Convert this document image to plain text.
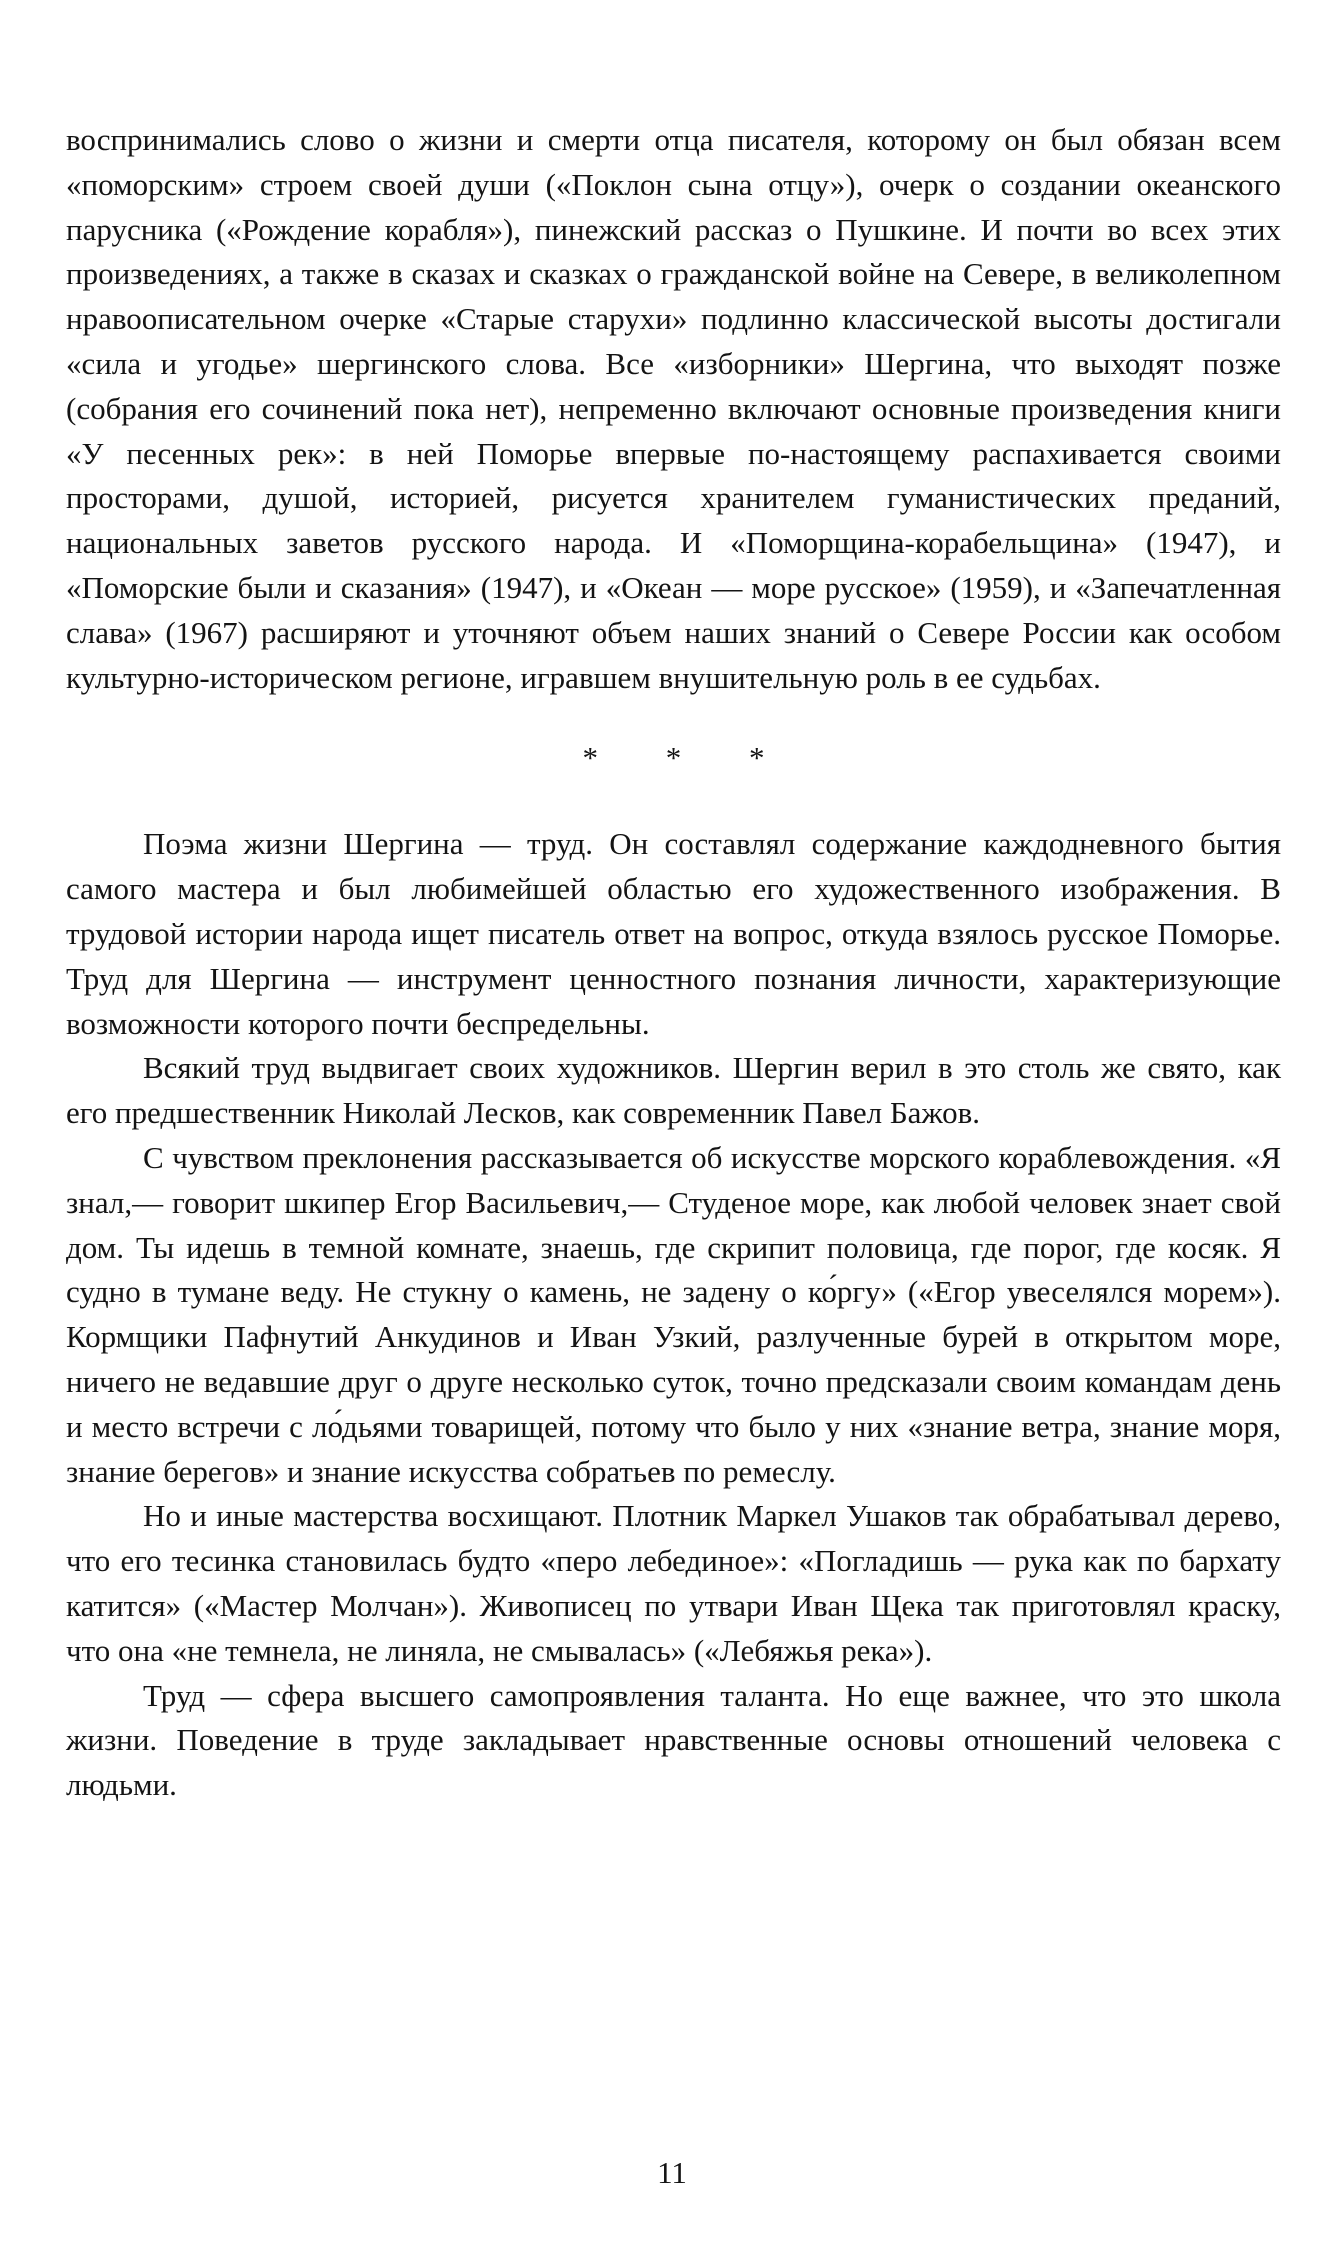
воспринимались слово о жизни и смерти отца писателя, которому он был обязан всем «поморским» строем своей души («Поклон сына отцу»), очерк о создании океанского парусника («Рождение корабля»), пинежский рассказ о Пушкине. И почти во всех этих произведениях, а также в сказах и сказках о гражданской войне на Севере, в великолепном нравоописательном очерке «Старые старухи» подлинно классической высоты достигали «сила и угодье» шергинского слова. Все «изборники» Шергина, что выходят позже (собрания его сочинений пока нет), непременно включают основные произведения книги «У песенных рек»: в ней Поморье впервые по-настоящему распахивается своими просторами, душой, историей, рисуется хранителем гуманистических преданий, национальных заветов русского народа. И «Поморщина-корабельщина» (1947), и «Поморские были и сказания» (1947), и «Океан — море русское» (1959), и «Запечатленная слава» (1967) расширяют и уточняют объем наших знаний о Севере России как особом культурно-историческом регионе, игравшем внушительную роль в ее судьбах.

* * *

Поэма жизни Шергина — труд. Он составлял содержание каждодневного бытия самого мастера и был любимейшей областью его художественного изображения. В трудовой истории народа ищет писатель ответ на вопрос, откуда взялось русское Поморье. Труд для Шергина — инструмент ценностного познания личности, характеризующие возможности которого почти беспредельны.

Всякий труд выдвигает своих художников. Шергин верил в это столь же свято, как его предшественник Николай Лесков, как современник Павел Бажов.

С чувством преклонения рассказывается об искусстве морского кораблевождения. «Я знал,— говорит шкипер Егор Васильевич,— Студеное море, как любой человек знает свой дом. Ты идешь в темной комнате, знаешь, где скрипит половица, где порог, где косяк. Я судно в тумане веду. Не стукну о камень, не задену о ко́ргу» («Егор увеселялся морем»). Кормщики Пафнутий Анкудинов и Иван Узкий, разлученные бурей в открытом море, ничего не ведавшие друг о друге несколько суток, точно предсказали своим командам день и место встречи с ло́дьями товарищей, потому что было у них «знание ветра, знание моря, знание берегов» и знание искусства собратьев по ремеслу.

Но и иные мастерства восхищают. Плотник Маркел Ушаков так обрабатывал дерево, что его тесинка становилась будто «перо лебединое»: «Погладишь — рука как по бархату катится» («Мастер Молчан»). Живописец по утвари Иван Щека так приготовлял краску, что она «не темнела, не линяла, не смывалась» («Лебяжья река»).

Труд — сфера высшего самопроявления таланта. Но еще важнее, что это школа жизни. Поведение в труде закладывает нравственные основы отношений человека с людьми.

11
